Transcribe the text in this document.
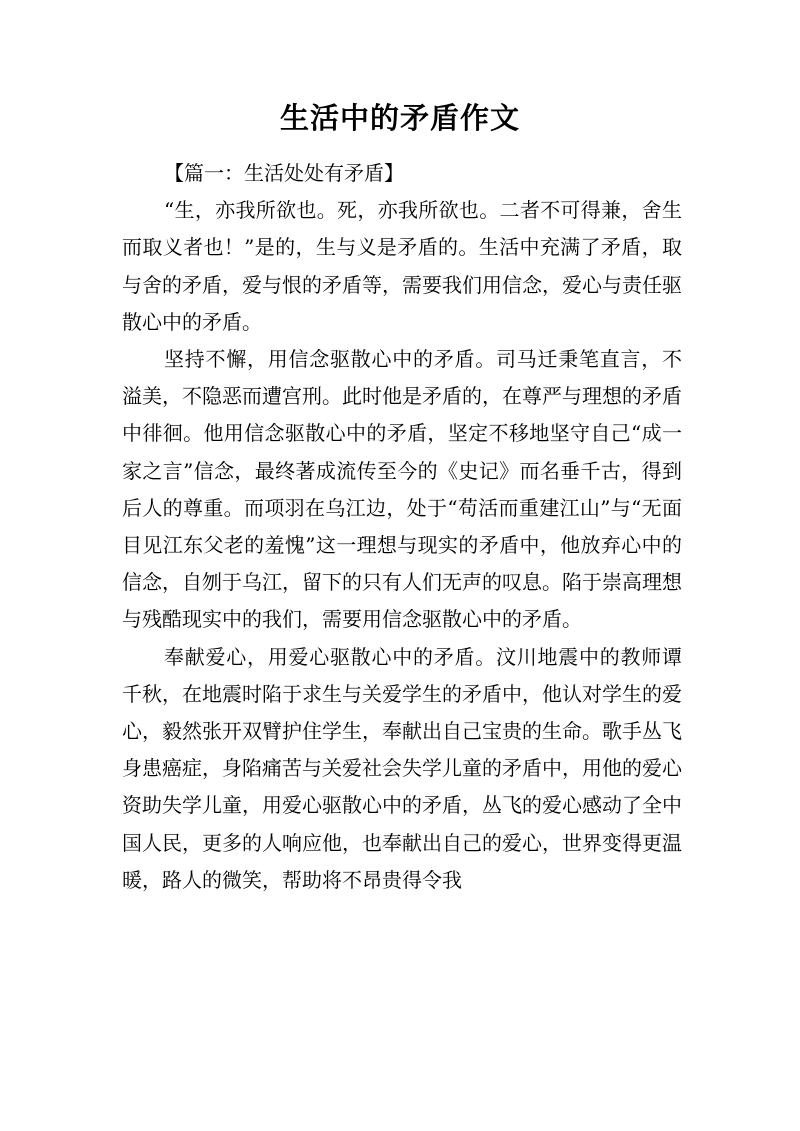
生活中的矛盾作文

【篇一：生活处处有矛盾】

“生，亦我所欲也。死，亦我所欲也。二者不可得兼，舍生而取义者也！”是的，生与义是矛盾的。生活中充满了矛盾，取与舍的矛盾，爱与恨的矛盾等，需要我们用信念，爱心与责任驱散心中的矛盾。

坚持不懈，用信念驱散心中的矛盾。司马迁秉笔直言，不溢美，不隐恶而遭宫刑。此时他是矛盾的，在尊严与理想的矛盾中徘徊。他用信念驱散心中的矛盾，坚定不移地坚守自己“成一家之言”信念，最终著成流传至今的《史记》而名垂千古，得到后人的尊重。而项羽在乌江边，处于“苟活而重建江山”与“无面目见江东父老的羞愧”这一理想与现实的矛盾中，他放弃心中的信念，自刎于乌江，留下的只有人们无声的叹息。陷于崇高理想与残酷现实中的我们，需要用信念驱散心中的矛盾。

奉献爱心，用爱心驱散心中的矛盾。汶川地震中的教师谭千秋，在地震时陷于求生与关爱学生的矛盾中，他认对学生的爱心，毅然张开双臂护住学生，奉献出自己宝贵的生命。歌手丛飞身患癌症，身陷痛苦与关爱社会失学儿童的矛盾中，用他的爱心资助失学儿童，用爱心驱散心中的矛盾，丛飞的爱心感动了全中国人民，更多的人响应他，也奉献出自己的爱心，世界变得更温暖，路人的微笑，帮助将不昂贵得令我
